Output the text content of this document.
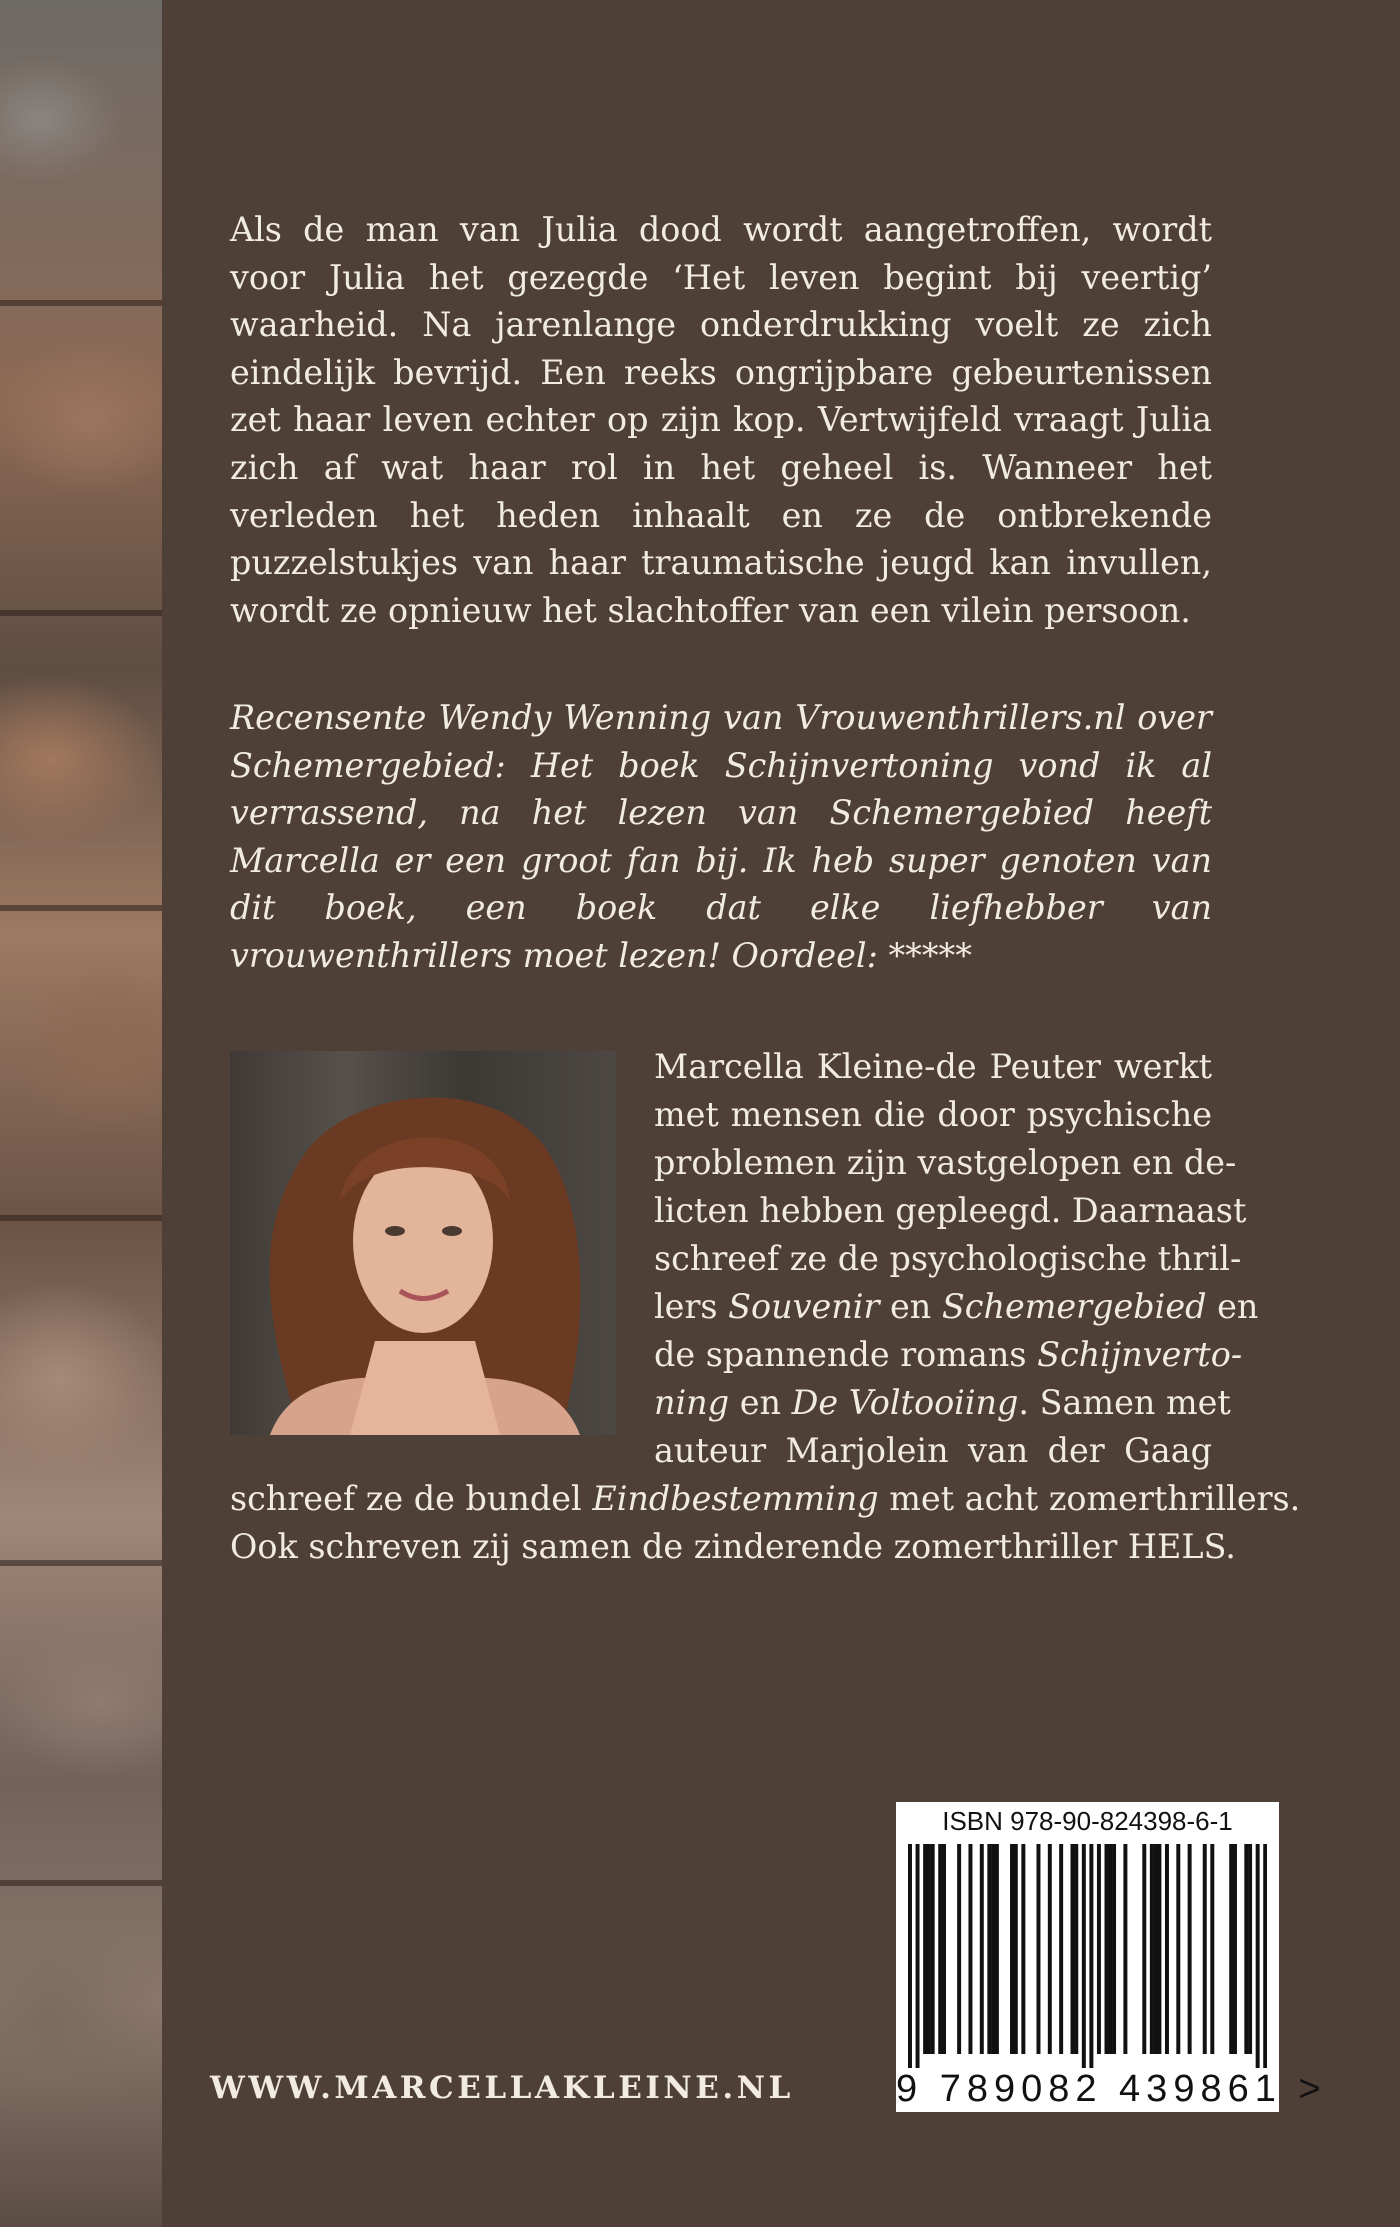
Als de man van Julia dood wordt aangetroffen, wordt voor Julia het gezegde ‘Het leven begint bij veertig’ waarheid. Na jarenlange onderdrukking voelt ze zich eindelijk bevrijd. Een reeks ongrijpbare gebeurtenissen zet haar leven echter op zijn kop. Vertwijfeld vraagt Julia zich af wat haar rol in het geheel is. Wanneer het verleden het heden inhaalt en ze de ontbrekende puzzelstukjes van haar traumatische jeugd kan invullen, wordt ze opnieuw het slachtoffer van een vilein persoon.

Recensente Wendy Wenning van Vrouwenthrillers.nl over Schemergebied: Het boek Schijnvertoning vond ik al verrassend, na het lezen van Schemergebied heeft Marcella er een groot fan bij. Ik heb super genoten van dit boek, een boek dat elke liefhebber van vrouwenthrillers moet lezen! Oordeel: *****

Marcella Kleine-de Peuter werkt
met mensen die door psychische
problemen zijn vastgelopen en de-
licten hebben gepleegd. Daarnaast
schreef ze de psychologische thril-
lers Souvenir en Schemergebied en
de spannende romans Schijnverto-
ning en De Voltooiing. Samen met
auteur Marjolein van der Gaag
schreef ze de bundel Eindbestemming met acht zomerthrillers.
Ook schreven zij samen de zinderende zomerthriller HELS.
WWW.MARCELLAKLEINE.NL
ISBN 978-90-824398-6-1
9 789082 439861 >
